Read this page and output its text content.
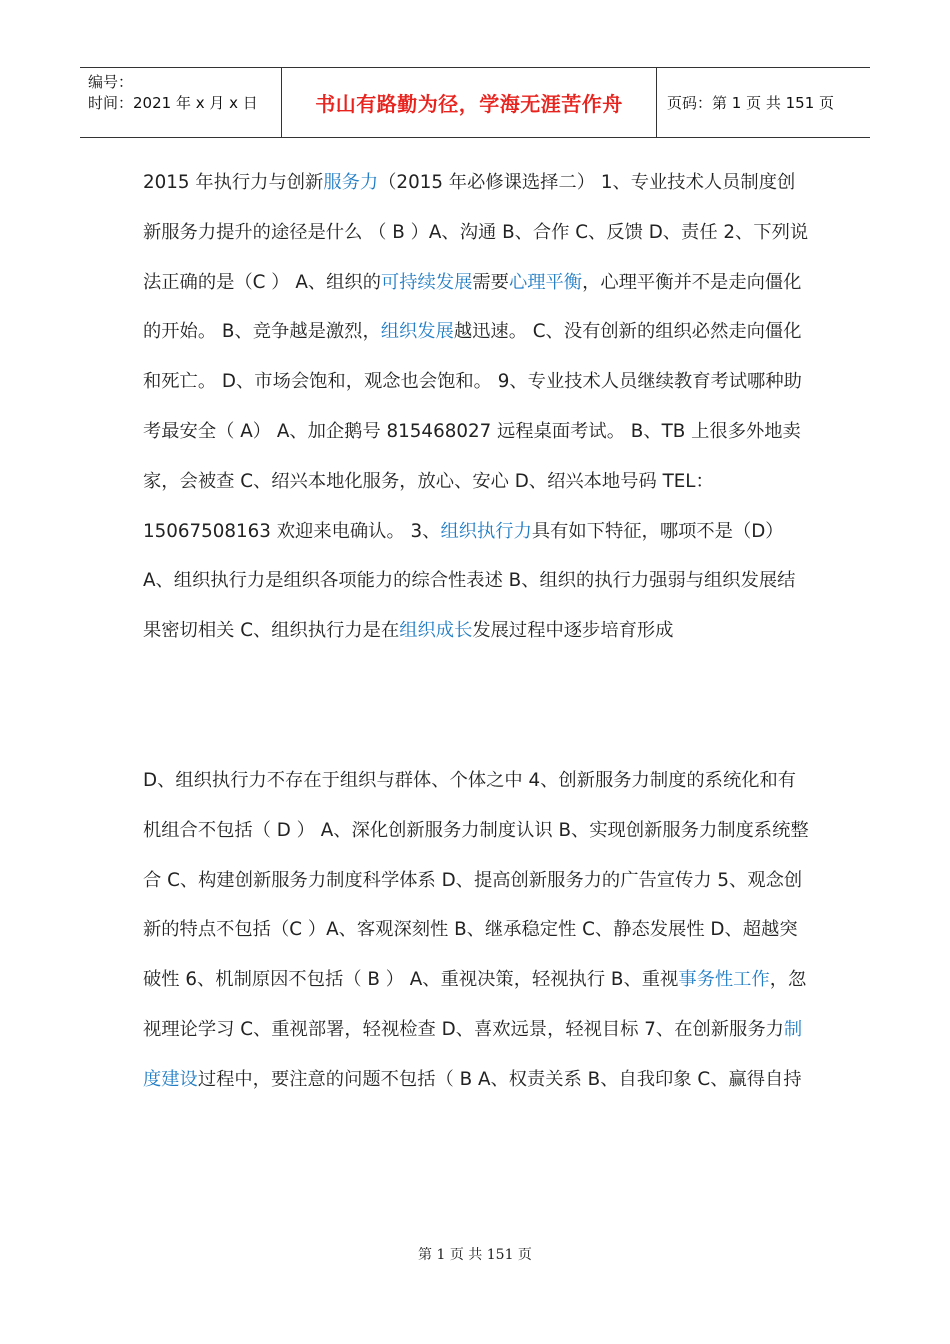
编号：
时间：2021 年 x 月 x 日	书山有路勤为径，学海无涯苦作舟	页码：第 1 页 共 151 页
2015 年执行力与创新服务力（2015 年必修课选择二） 1、专业技术人员制度创新服务力提升的途径是什么 （ B ）A、沟通 B、合作 C、反馈 D、责任 2、下列说法正确的是（C ） A、组织的可持续发展需要心理平衡，心理平衡并不是走向僵化的开始。 B、竞争越是激烈，组织发展越迅速。 C、没有创新的组织必然走向僵化和死亡。 D、市场会饱和，观念也会饱和。 9、专业技术人员继续教育考试哪种助考最安全（ A） A、加企鹅号 815468027 远程桌面考试。 B、TB 上很多外地卖家，会被查 C、绍兴本地化服务，放心、安心 D、绍兴本地号码 TEL：15067508163 欢迎来电确认。 3、组织执行力具有如下特征，哪项不是（D） A、组织执行力是组织各项能力的综合性表述 B、组织的执行力强弱与组织发展结果密切相关 C、组织执行力是在组织成长发展过程中逐步培育形成
D、组织执行力不存在于组织与群体、个体之中 4、创新服务力制度的系统化和有机组合不包括（ D ） A、深化创新服务力制度认识 B、实现创新服务力制度系统整合 C、构建创新服务力制度科学体系 D、提高创新服务力的广告宣传力 5、观念创新的特点不包括（C ）A、客观深刻性 B、继承稳定性 C、静态发展性 D、超越突破性 6、机制原因不包括（ B ） A、重视决策，轻视执行 B、重视事务性工作，忽视理论学习 C、重视部署，轻视检查 D、喜欢远景，轻视目标 7、在创新服务力制度建设过程中，要注意的问题不包括（ B A、权责关系 B、自我印象 C、赢得自持
第 1 页 共 151 页
